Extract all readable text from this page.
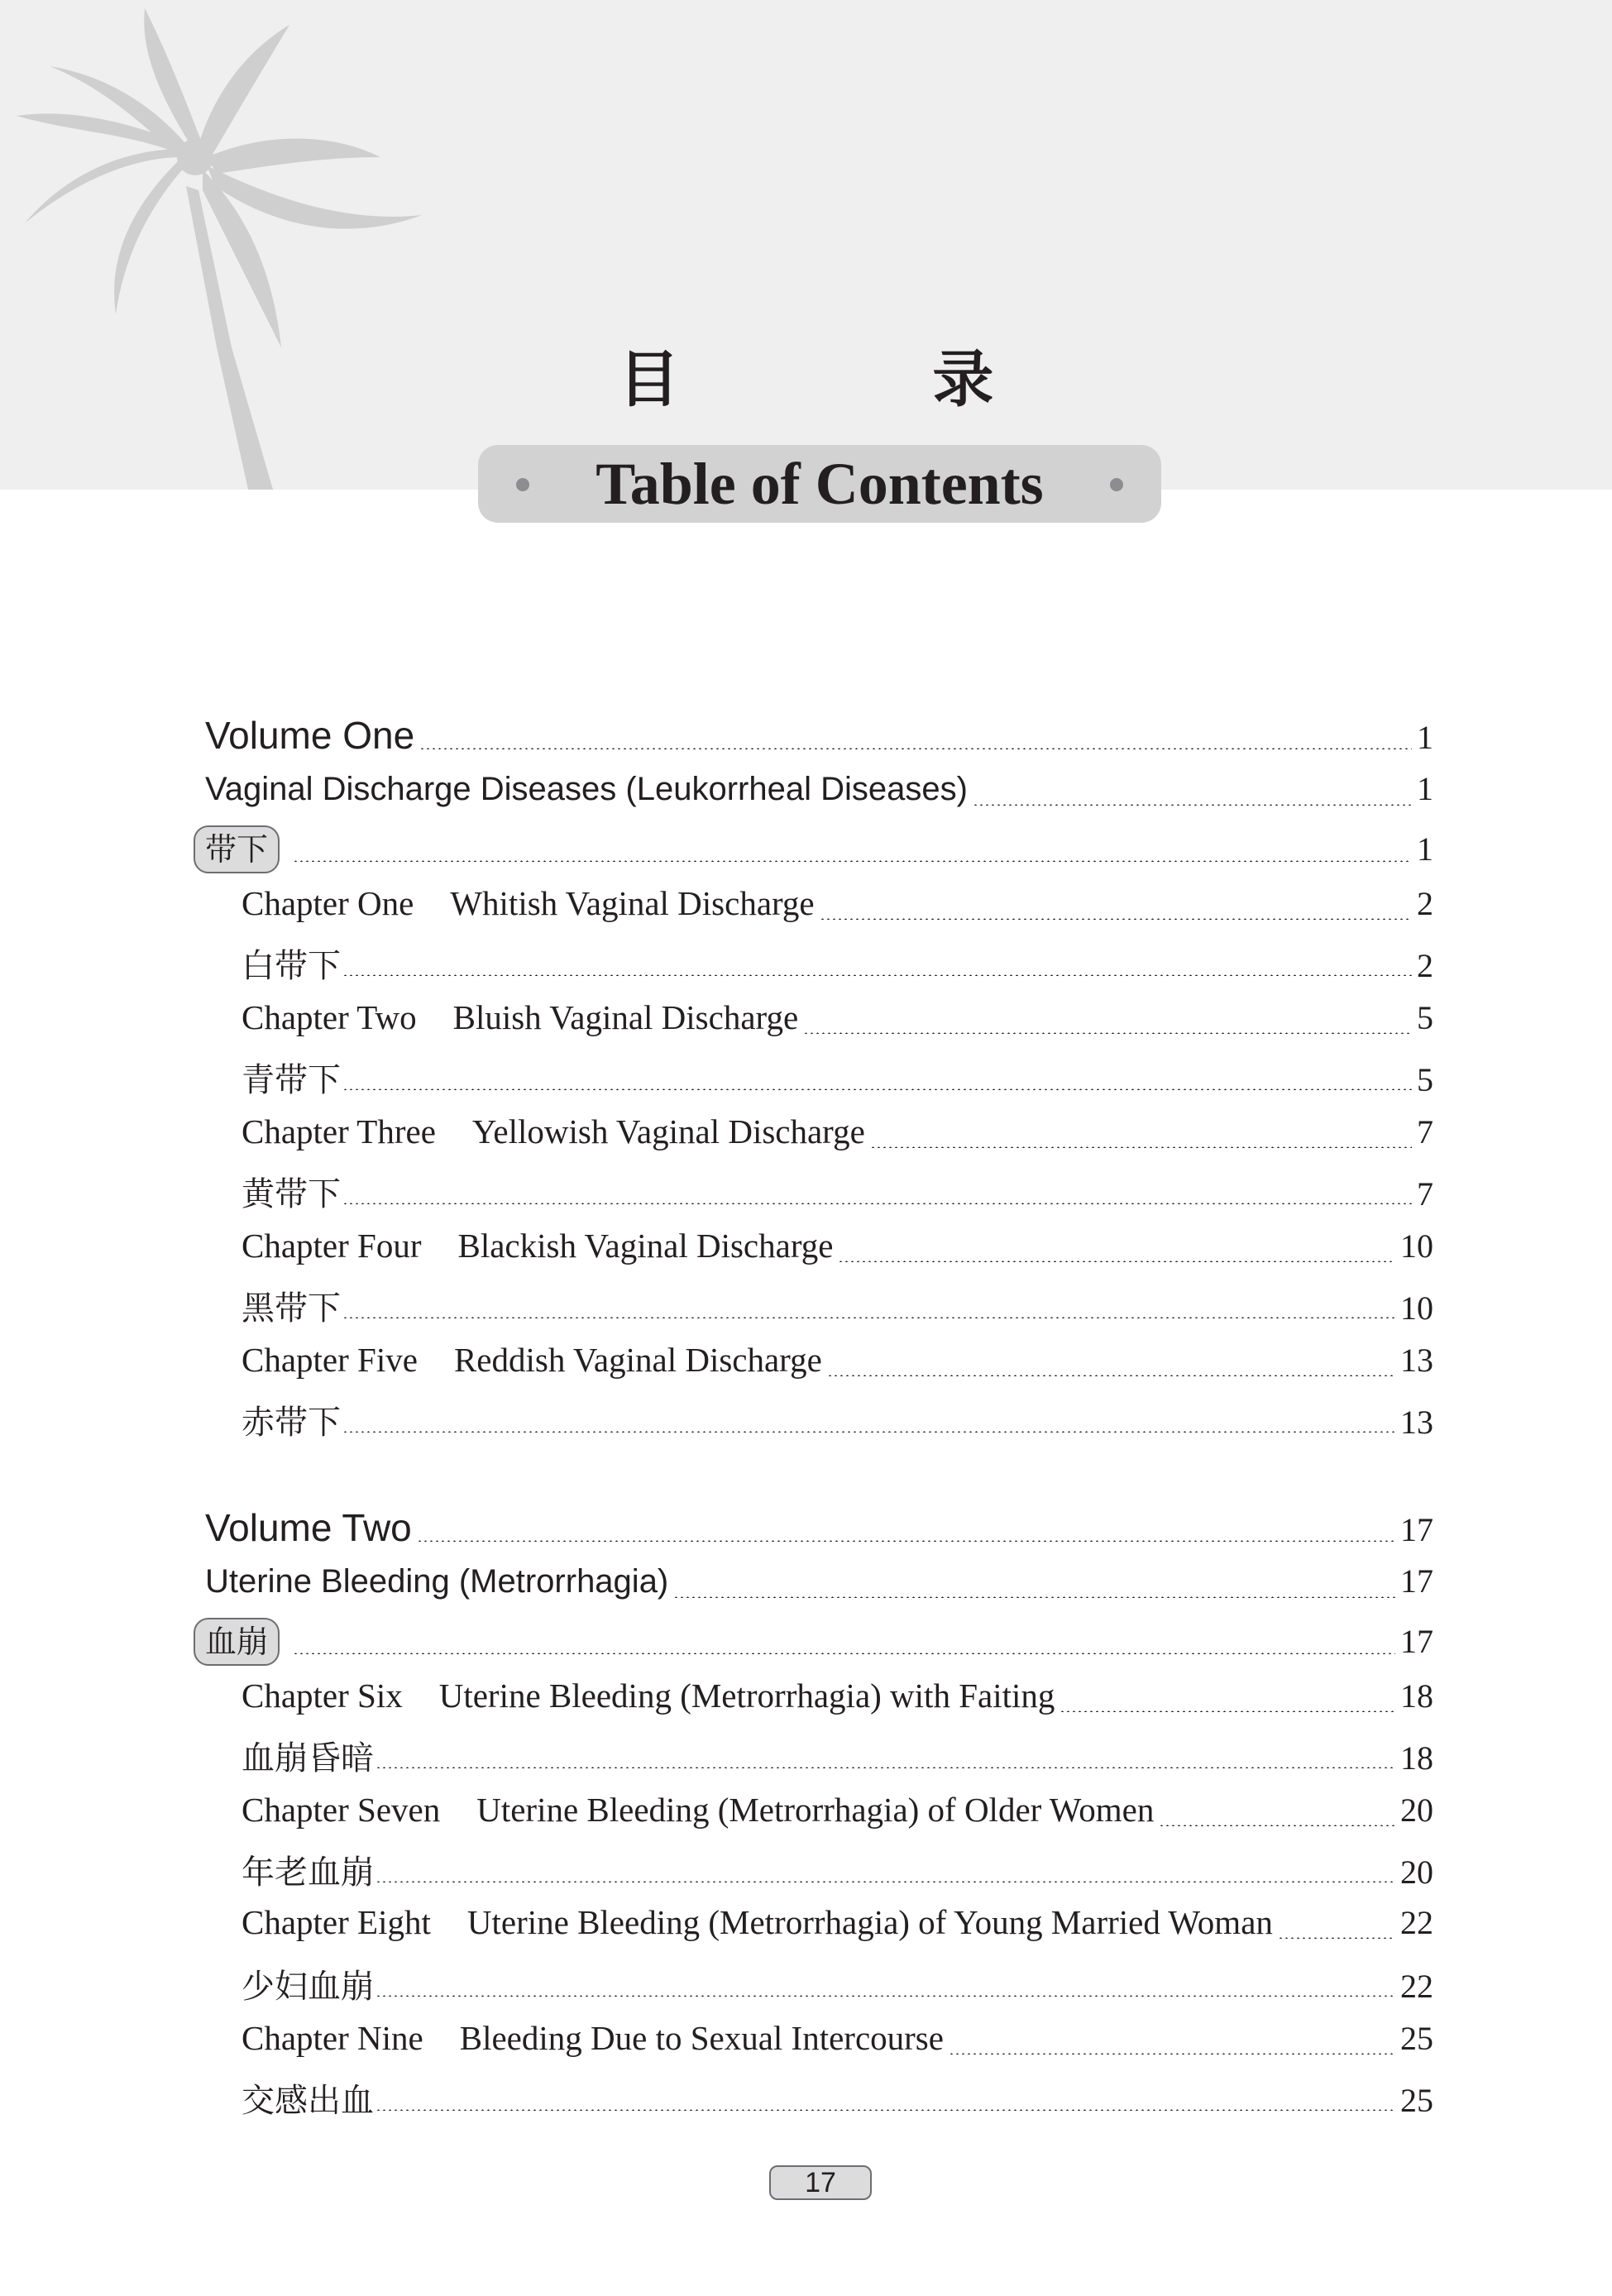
目 录
Table of Contents
Volume One	1
Vaginal Discharge Diseases (Leukorrheal Diseases)	1
带下	1
Chapter One Whitish Vaginal Discharge	2
白带下	2
Chapter Two Bluish Vaginal Discharge	5
青带下	5
Chapter Three Yellowish Vaginal Discharge	7
黄带下	7
Chapter Four Blackish Vaginal Discharge	10
黑带下	10
Chapter Five Reddish Vaginal Discharge	13
赤带下	13
Volume Two	17
Uterine Bleeding (Metrorrhagia)	17
血崩	17
Chapter Six Uterine Bleeding (Metrorrhagia) with Faiting	18
血崩昏暗	18
Chapter Seven Uterine Bleeding (Metrorrhagia) of Older Women	20
年老血崩	20
Chapter Eight Uterine Bleeding (Metrorrhagia) of Young Married Woman	22
少妇血崩	22
Chapter Nine Bleeding Due to Sexual Intercourse	25
交感出血	25
17
